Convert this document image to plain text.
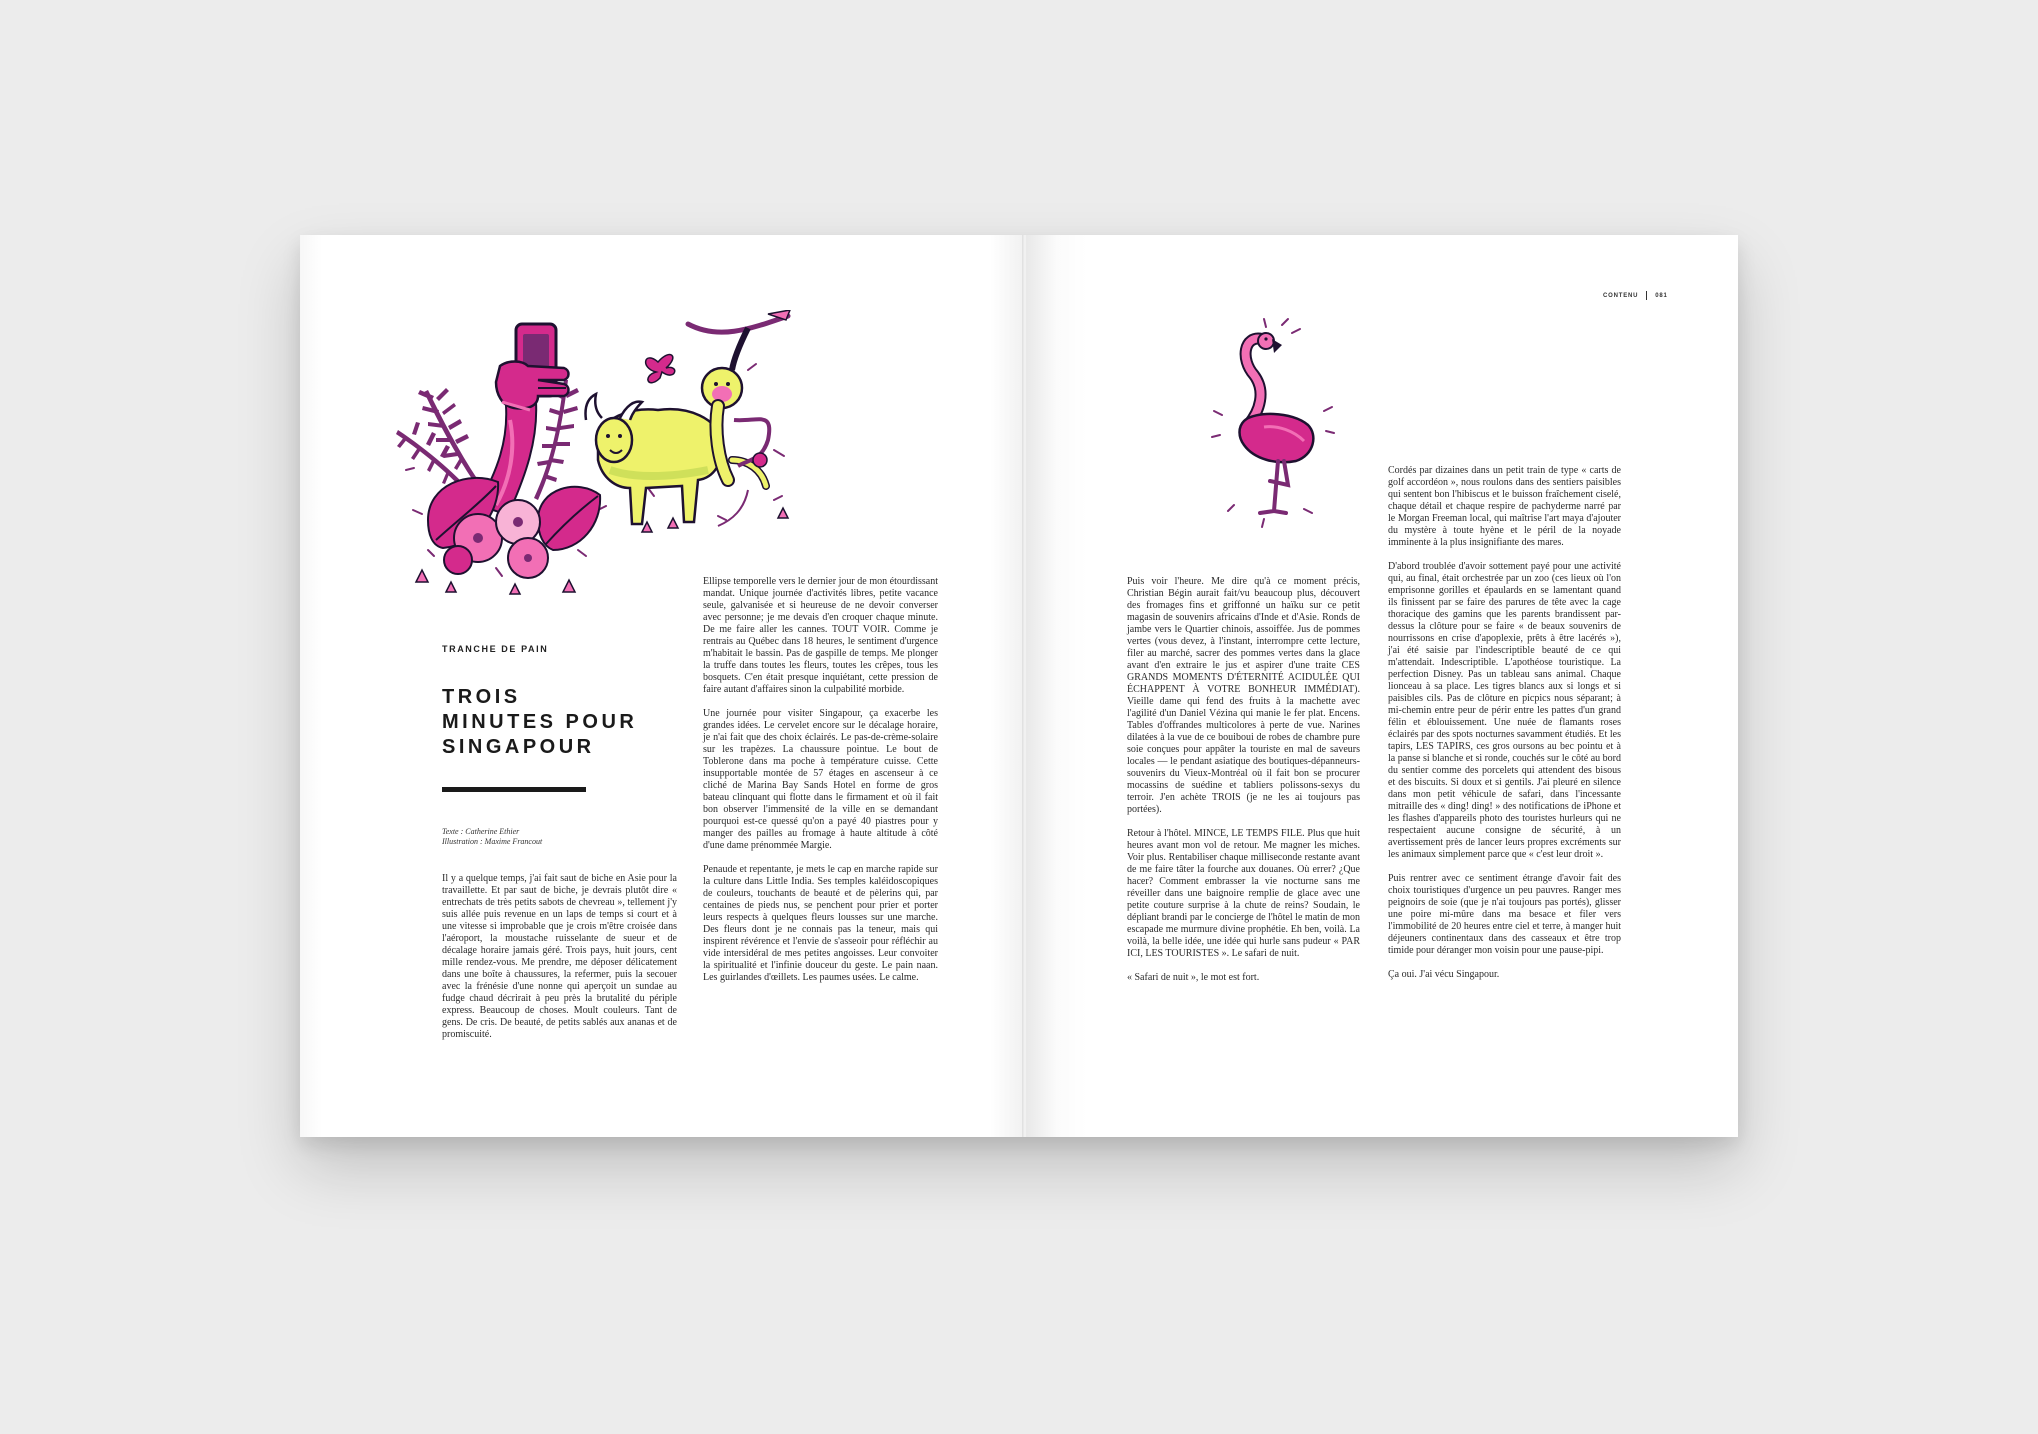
TRANCHE DE PAIN
TROIS
MINUTES POUR
SINGAPOUR
Texte : Catherine Ethier
Illustration : Maxime Francout

Il y a quelque temps, j'ai fait saut de biche en Asie pour la travaillette. Et par saut de biche, je devrais plutôt dire « entrechats de très petits sabots de chevreau », tellement j'y suis allée puis revenue en un laps de temps si court et à une vitesse si improbable que je crois m'être croisée dans l'aéroport, la moustache ruisselante de sueur et de décalage horaire jamais géré. Trois pays, huit jours, cent mille rendez-vous. Me prendre, me déposer délicatement dans une boîte à chaussures, la refermer, puis la secouer avec la frénésie d'une nonne qui aperçoit un sundae au fudge chaud décrirait à peu près la brutalité du périple express. Beaucoup de choses. Moult couleurs. Tant de gens. De cris. De beauté, de petits sablés aux ananas et de promiscuité.

Ellipse temporelle vers le dernier jour de mon étourdissant mandat. Unique journée d'activités libres, petite vacance seule, galvanisée et si heureuse de ne devoir converser avec personne; je me devais d'en croquer chaque minute. De me faire aller les cannes. TOUT VOIR. Comme je rentrais au Québec dans 18 heures, le sentiment d'urgence m'habitait le bassin. Pas de gaspille de temps. Me plonger la truffe dans toutes les fleurs, toutes les crêpes, tous les bosquets. C'en était presque inquiétant, cette pression de faire autant d'affaires sinon la culpabilité morbide.

Une journée pour visiter Singapour, ça exacerbe les grandes idées. Le cervelet encore sur le décalage horaire, je n'ai fait que des choix éclairés. Le pas-de-crème-solaire sur les trapèzes. La chaussure pointue. Le bout de Toblerone dans ma poche à température cuisse. Cette insupportable montée de 57 étages en ascenseur à ce cliché de Marina Bay Sands Hotel en forme de gros bateau clinquant qui flotte dans le firmament et où il fait bon observer l'immensité de la ville en se demandant pourquoi est-ce quessé qu'on a payé 40 piastres pour y manger des pailles au fromage à haute altitude à côté d'une dame prénommée Margie.

Penaude et repentante, je mets le cap en marche rapide sur la culture dans Little India. Ses temples kaléidoscopiques de couleurs, touchants de beauté et de pèlerins qui, par centaines de pieds nus, se penchent pour prier et porter leurs respects à quelques fleurs lousses sur une marche. Des fleurs dont je ne connais pas la teneur, mais qui inspirent révérence et l'envie de s'asseoir pour réfléchir au vide intersidéral de mes petites angoisses. Leur convoiter la spiritualité et l'infinie douceur du geste. Le pain naan. Les guirlandes d'œillets. Les paumes usées. Le calme.

CONTENU	081

Puis voir l'heure. Me dire qu'à ce moment précis, Christian Bégin aurait fait/vu beaucoup plus, découvert des fromages fins et griffonné un haïku sur ce petit magasin de souvenirs africains d'Inde et d'Asie. Ronds de jambe vers le Quartier chinois, assoiffée. Jus de pommes vertes (vous devez, à l'instant, interrompre cette lecture, filer au marché, sacrer des pommes vertes dans la glace avant d'en extraire le jus et aspirer d'une traite CES GRANDS MOMENTS D'ÉTERNITÉ ACIDULÉE QUI ÉCHAPPENT À VOTRE BONHEUR IMMÉDIAT). Vieille dame qui fend des fruits à la machette avec l'agilité d'un Daniel Vézina qui manie le fer plat. Encens. Tables d'offrandes multicolores à perte de vue. Narines dilatées à la vue de ce bouiboui de robes de chambre pure soie conçues pour appâter la touriste en mal de saveurs locales — le pendant asiatique des boutiques-dépanneurs-souvenirs du Vieux-Montréal où il fait bon se procurer mocassins de suédine et tabliers polissons-sexys du terroir. J'en achète TROIS (je ne les ai toujours pas portées).

Retour à l'hôtel. MINCE, LE TEMPS FILE. Plus que huit heures avant mon vol de retour. Me magner les miches. Voir plus. Rentabiliser chaque milliseconde restante avant de me faire tâter la fourche aux douanes. Où errer? ¿Que hacer? Comment embrasser la vie nocturne sans me réveiller dans une baignoire remplie de glace avec une petite couture surprise à la chute de reins? Soudain, le dépliant brandi par le concierge de l'hôtel le matin de mon escapade me murmure divine prophétie. Eh ben, voilà. La voilà, la belle idée, une idée qui hurle sans pudeur « PAR ICI, LES TOURISTES ». Le safari de nuit.

« Safari de nuit », le mot est fort.

Cordés par dizaines dans un petit train de type « carts de golf accordéon », nous roulons dans des sentiers paisibles qui sentent bon l'hibiscus et le buisson fraîchement ciselé, chaque détail et chaque respire de pachyderme narré par le Morgan Freeman local, qui maîtrise l'art maya d'ajouter du mystère à toute hyène et le péril de la noyade imminente à la plus insignifiante des mares.

D'abord troublée d'avoir sottement payé pour une activité qui, au final, était orchestrée par un zoo (ces lieux où l'on emprisonne gorilles et épaulards en se lamentant quand ils finissent par se faire des parures de tête avec la cage thoracique des gamins que les parents brandissent par-dessus la clôture pour se faire « de beaux souvenirs de nourrissons en crise d'apoplexie, prêts à être lacérés »), j'ai été saisie par l'indescriptible beauté de ce qui m'attendait. Indescriptible. L'apothéose touristique. La perfection Disney. Pas un tableau sans animal. Chaque lionceau à sa place. Les tigres blancs aux si longs et si paisibles cils. Pas de clôture en picpics nous séparant; à mi-chemin entre peur de périr entre les pattes d'un grand félin et éblouissement. Une nuée de flamants roses éclairés par des spots nocturnes savamment étudiés. Et les tapirs, LES TAPIRS, ces gros oursons au bec pointu et à la panse si blanche et si ronde, couchés sur le côté au bord du sentier comme des porcelets qui attendent des bisous et des biscuits. Si doux et si gentils. J'ai pleuré en silence dans mon petit véhicule de safari, dans l'incessante mitraille des « ding! ding! » des notifications de iPhone et les flashes d'appareils photo des touristes hurleurs qui ne respectaient aucune consigne de sécurité, à un avertissement près de lancer leurs propres excréments sur les animaux simplement parce que « c'est leur droit ».

Puis rentrer avec ce sentiment étrange d'avoir fait des choix touristiques d'urgence un peu pauvres. Ranger mes peignoirs de soie (que je n'ai toujours pas portés), glisser une poire mi-mûre dans ma besace et filer vers l'immobilité de 20 heures entre ciel et terre, à manger huit déjeuners continentaux dans des casseaux et être trop timide pour déranger mon voisin pour une pause-pipi.

Ça oui. J'ai vécu Singapour.
